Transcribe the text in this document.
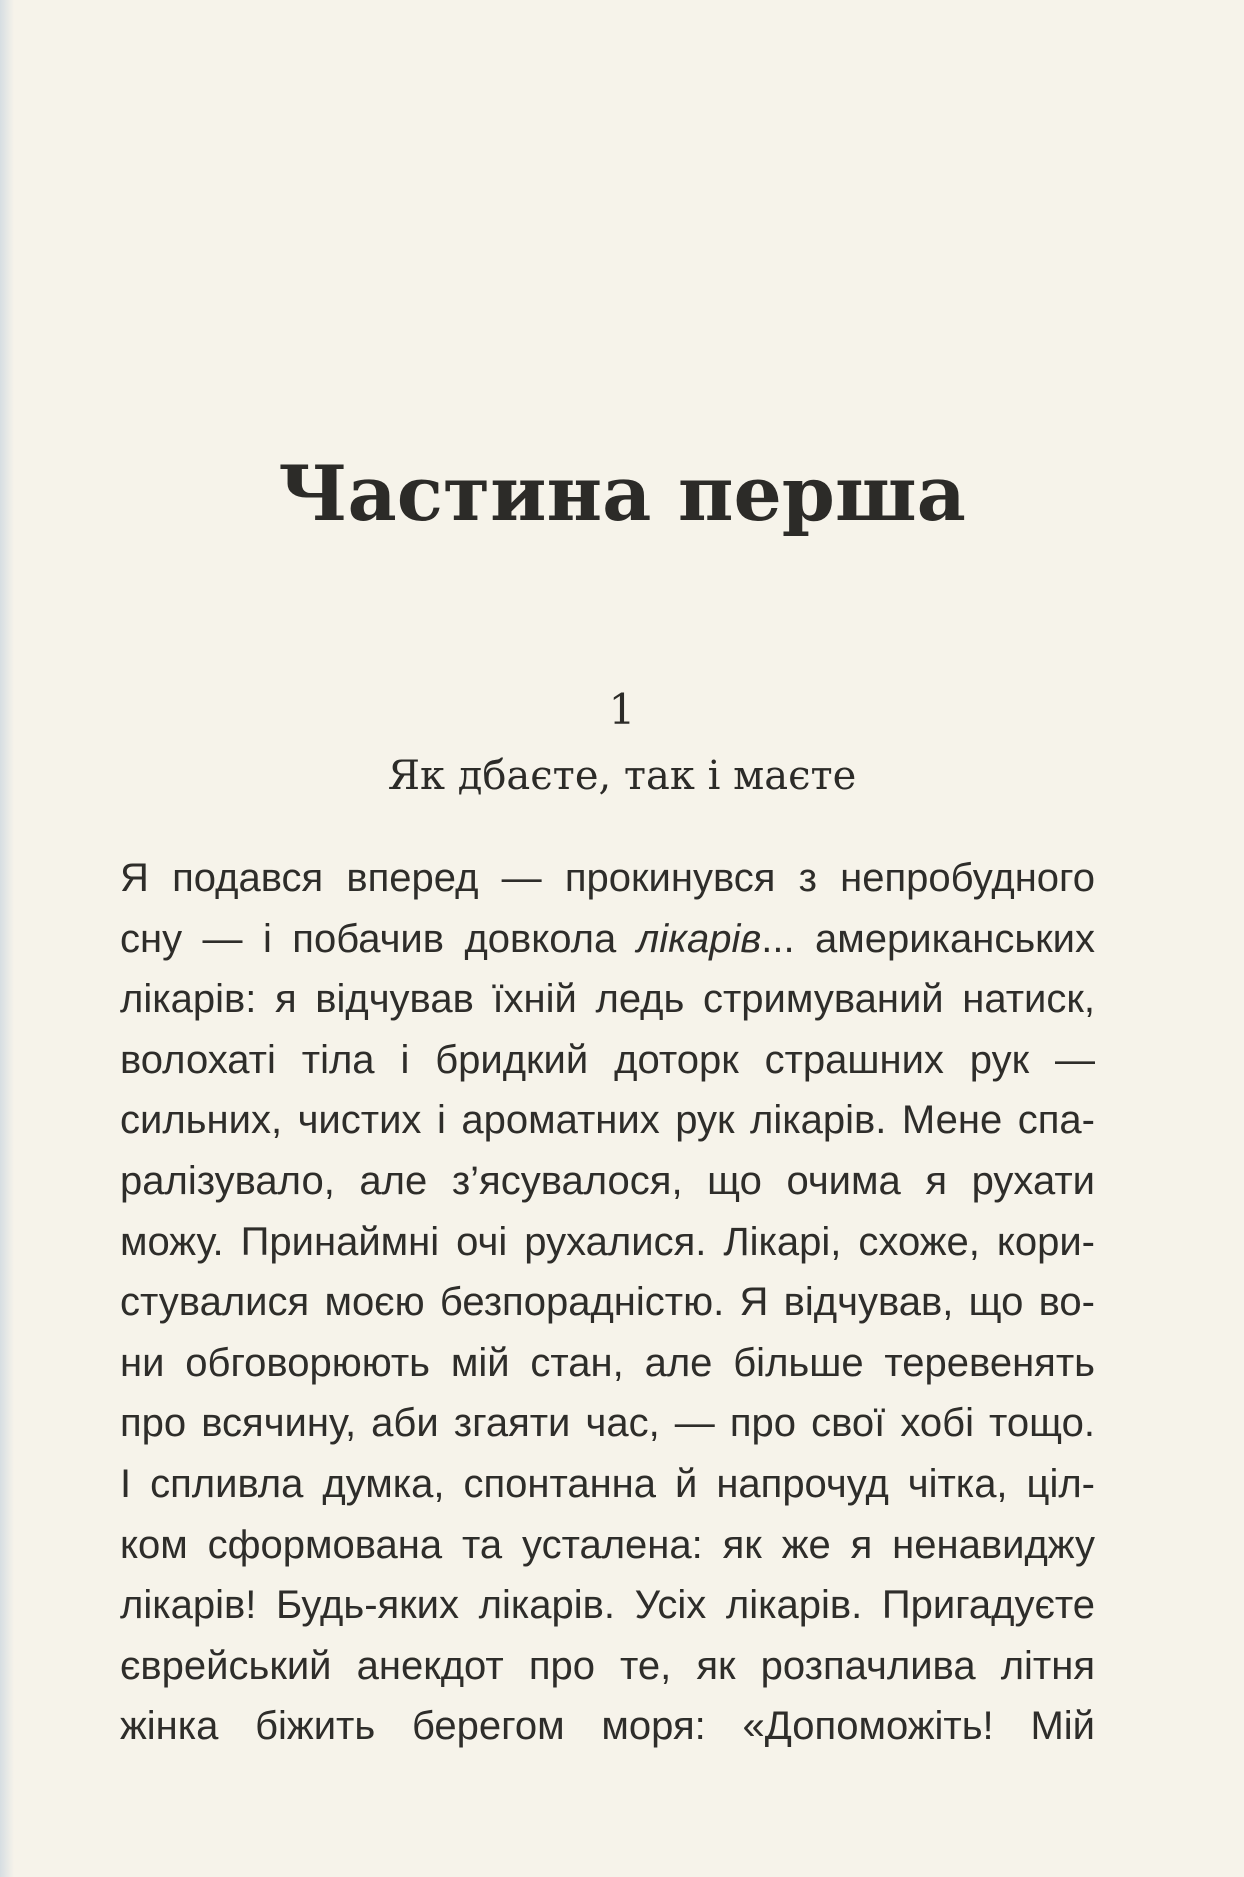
Частина перша
1
Як дбаєте, так і маєте
Я подався вперед — прокинувся з непробудного
сну — і побачив довкола лікарів... американських
лікарів: я відчував їхній ледь стримуваний натиск,
волохаті тіла і бридкий доторк страшних рук —
сильних, чистих і ароматних рук лікарів. Мене спа-
ралізувало, але з’ясувалося, що очима я рухати
можу. Принаймні очі рухалися. Лікарі, схоже, кори-
стувалися моєю безпорадністю. Я відчував, що во-
ни обговорюють мій стан, але більше теревенять
про всячину, аби згаяти час, — про свої хобі тощо.
І спливла думка, спонтанна й напрочуд чітка, ціл-
ком сформована та усталена: як же я ненавиджу
лікарів! Будь-яких лікарів. Усіх лікарів. Пригадуєте
єврейський анекдот про те, як розпачлива літня
жінка біжить берегом моря: «Допоможіть! Мій
